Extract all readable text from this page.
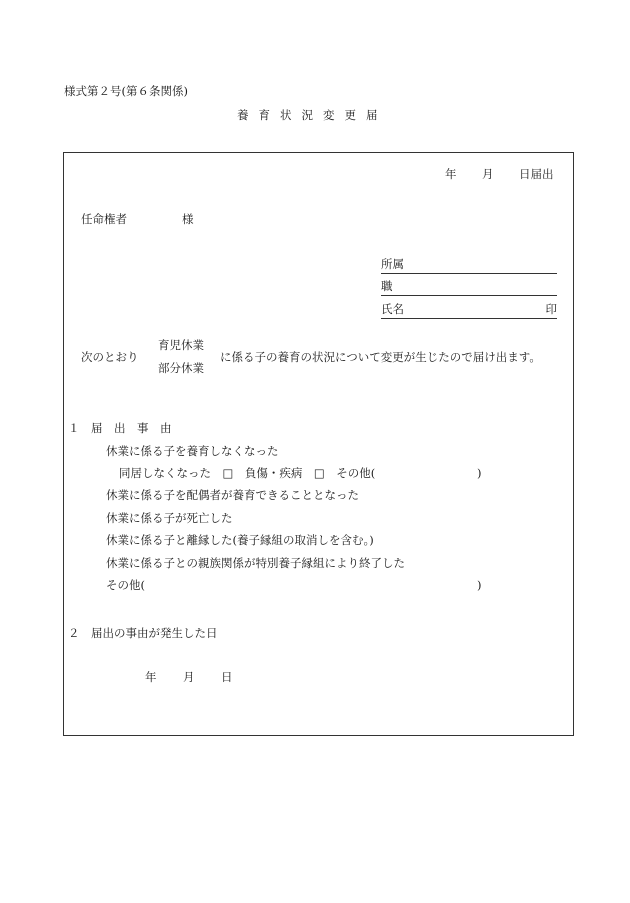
様式第２号(第６条関係)
養育状況変更届
年 月 日届出
任命権者	様
所属
職
氏名	印
次のとおり
育児休業
部分休業
に係る子の養育の状況について変更が生じたので届け出ます。
１　届　出　事　由
休業に係る子を養育しなくなった
同居しなくなった　□　負傷・疾病　□　その他(	)
休業に係る子を配偶者が養育できることとなった
休業に係る子が死亡した
休業に係る子と離縁した(養子縁組の取消しを含む。)
休業に係る子との親族関係が特別養子縁組により終了した
その他(	)
２　届出の事由が発生した日
年 月 日
